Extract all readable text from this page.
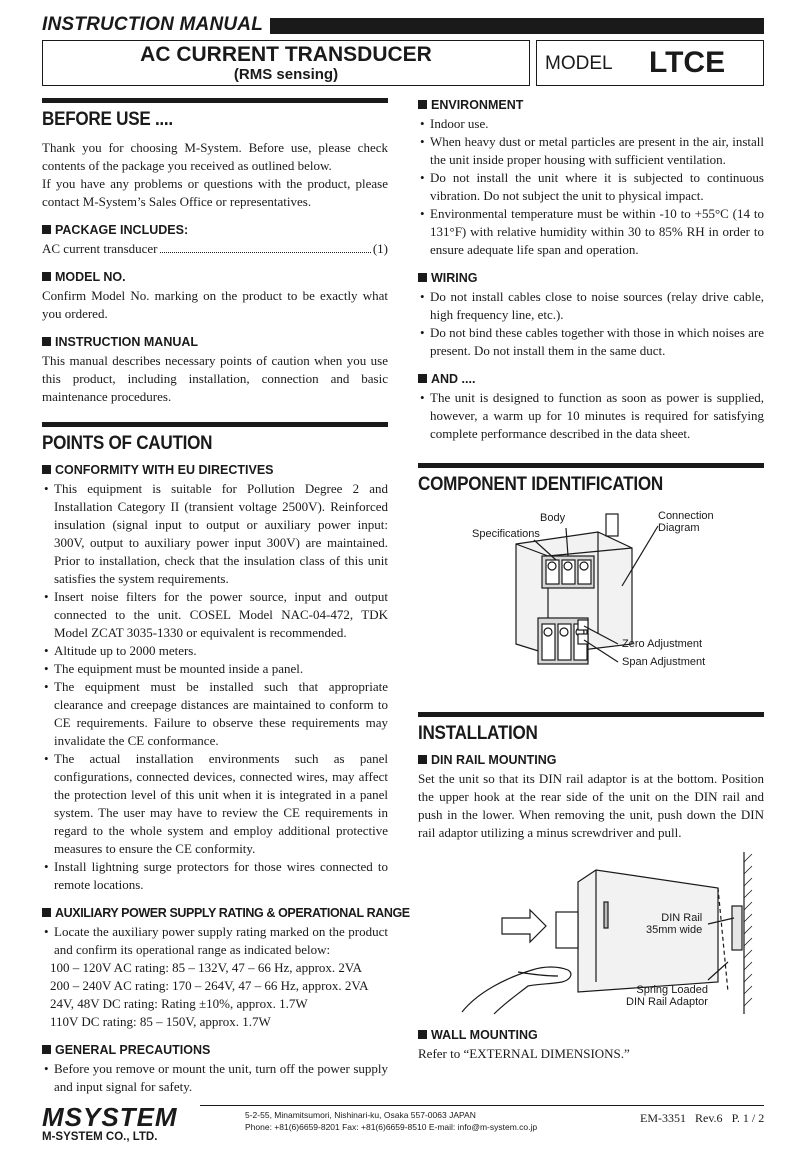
INSTRUCTION MANUAL
AC CURRENT TRANSDUCER
(RMS sensing)
MODEL LTCE
BEFORE USE ....

Thank you for choosing M-System. Before use, please check contents of the package you received as outlined below.

If you have any problems or questions with the product, please contact M-System’s Sales Office or representatives.

PACKAGE INCLUDES:
AC current transducer	(1)
MODEL NO.

Confirm Model No. marking on the product to be exactly what you ordered.

INSTRUCTION MANUAL

This manual describes necessary points of caution when you use this product, including installation, connection and basic maintenance procedures.

POINTS OF CAUTION
CONFORMITY WITH EU DIRECTIVES
• This equipment is suitable for Pollution Degree 2 and Installation Category II (transient voltage 2500V). Reinforced insulation (signal input to output or auxiliary power input: 300V, output to auxiliary power input 300V) are maintained. Prior to installation, check that the insulation class of this unit satisfies the system requirements.
• Insert noise filters for the power source, input and output connected to the unit. COSEL Model NAC-04-472, TDK Model ZCAT 3035-1330 or equivalent is recommended.
• Altitude up to 2000 meters.
• The equipment must be mounted inside a panel.
• The equipment must be installed such that appropriate clearance and creepage distances are maintained to conform to CE requirements. Failure to observe these requirements may invalidate the CE conformance.
• The actual installation environments such as panel configurations, connected devices, connected wires, may affect the protection level of this unit when it is integrated in a panel system. The user may have to review the CE requirements in regard to the whole system and employ additional protective measures to ensure the CE conformity.
• Install lightning surge protectors for those wires connected to remote locations.
AUXILIARY POWER SUPPLY RATING & OPERATIONAL RANGE
• Locate the auxiliary power supply rating marked on the product and confirm its operational range as indicated below:
100 – 120V AC rating: 85 – 132V, 47 – 66 Hz, approx. 2VA
200 – 240V AC rating: 170 – 264V, 47 – 66 Hz, approx. 2VA
24V, 48V DC rating: Rating ±10%, approx. 1.7W
110V DC rating: 85 – 150V, approx. 1.7W
GENERAL PRECAUTIONS
• Before you remove or mount the unit, turn off the power supply and input signal for safety.
ENVIRONMENT
• Indoor use.
• When heavy dust or metal particles are present in the air, install the unit inside proper housing with sufficient ventilation.
• Do not install the unit where it is subjected to continuous vibration. Do not subject the unit to physical impact.
• Environmental temperature must be within -10 to +55°C (14 to 131°F) with relative humidity within 30 to 85% RH in order to ensure adequate life span and operation.
WIRING
• Do not install cables close to noise sources (relay drive cable, high frequency line, etc.).
• Do not bind these cables together with those in which noises are present. Do not install them in the same duct.
AND ....
• The unit is designed to function as soon as power is supplied, however, a warm up for 10 minutes is required for satisfying complete performance described in the data sheet.
COMPONENT IDENTIFICATION
Body
Specifications
Connection
Diagram
Zero Adjustment
Span Adjustment
INSTALLATION
DIN RAIL MOUNTING

Set the unit so that its DIN rail adaptor is at the bottom. Position the upper hook at the rear side of the unit on the DIN rail and push in the lower. When removing the unit, push down the DIN rail adaptor utilizing a minus screwdriver and pull.

DIN Rail
35mm wide
Spring Loaded
DIN Rail Adaptor
WALL MOUNTING

Refer to “EXTERNAL DIMENSIONS.”

MSYSTEM
M-SYSTEM CO., LTD.
5-2-55, Minamitsumori, Nishinari-ku, Osaka 557-0063 JAPAN
Phone: +81(6)6659-8201 Fax: +81(6)6659-8510 E-mail: info@m-system.co.jp
EM-3351 Rev.6 P. 1 / 2
